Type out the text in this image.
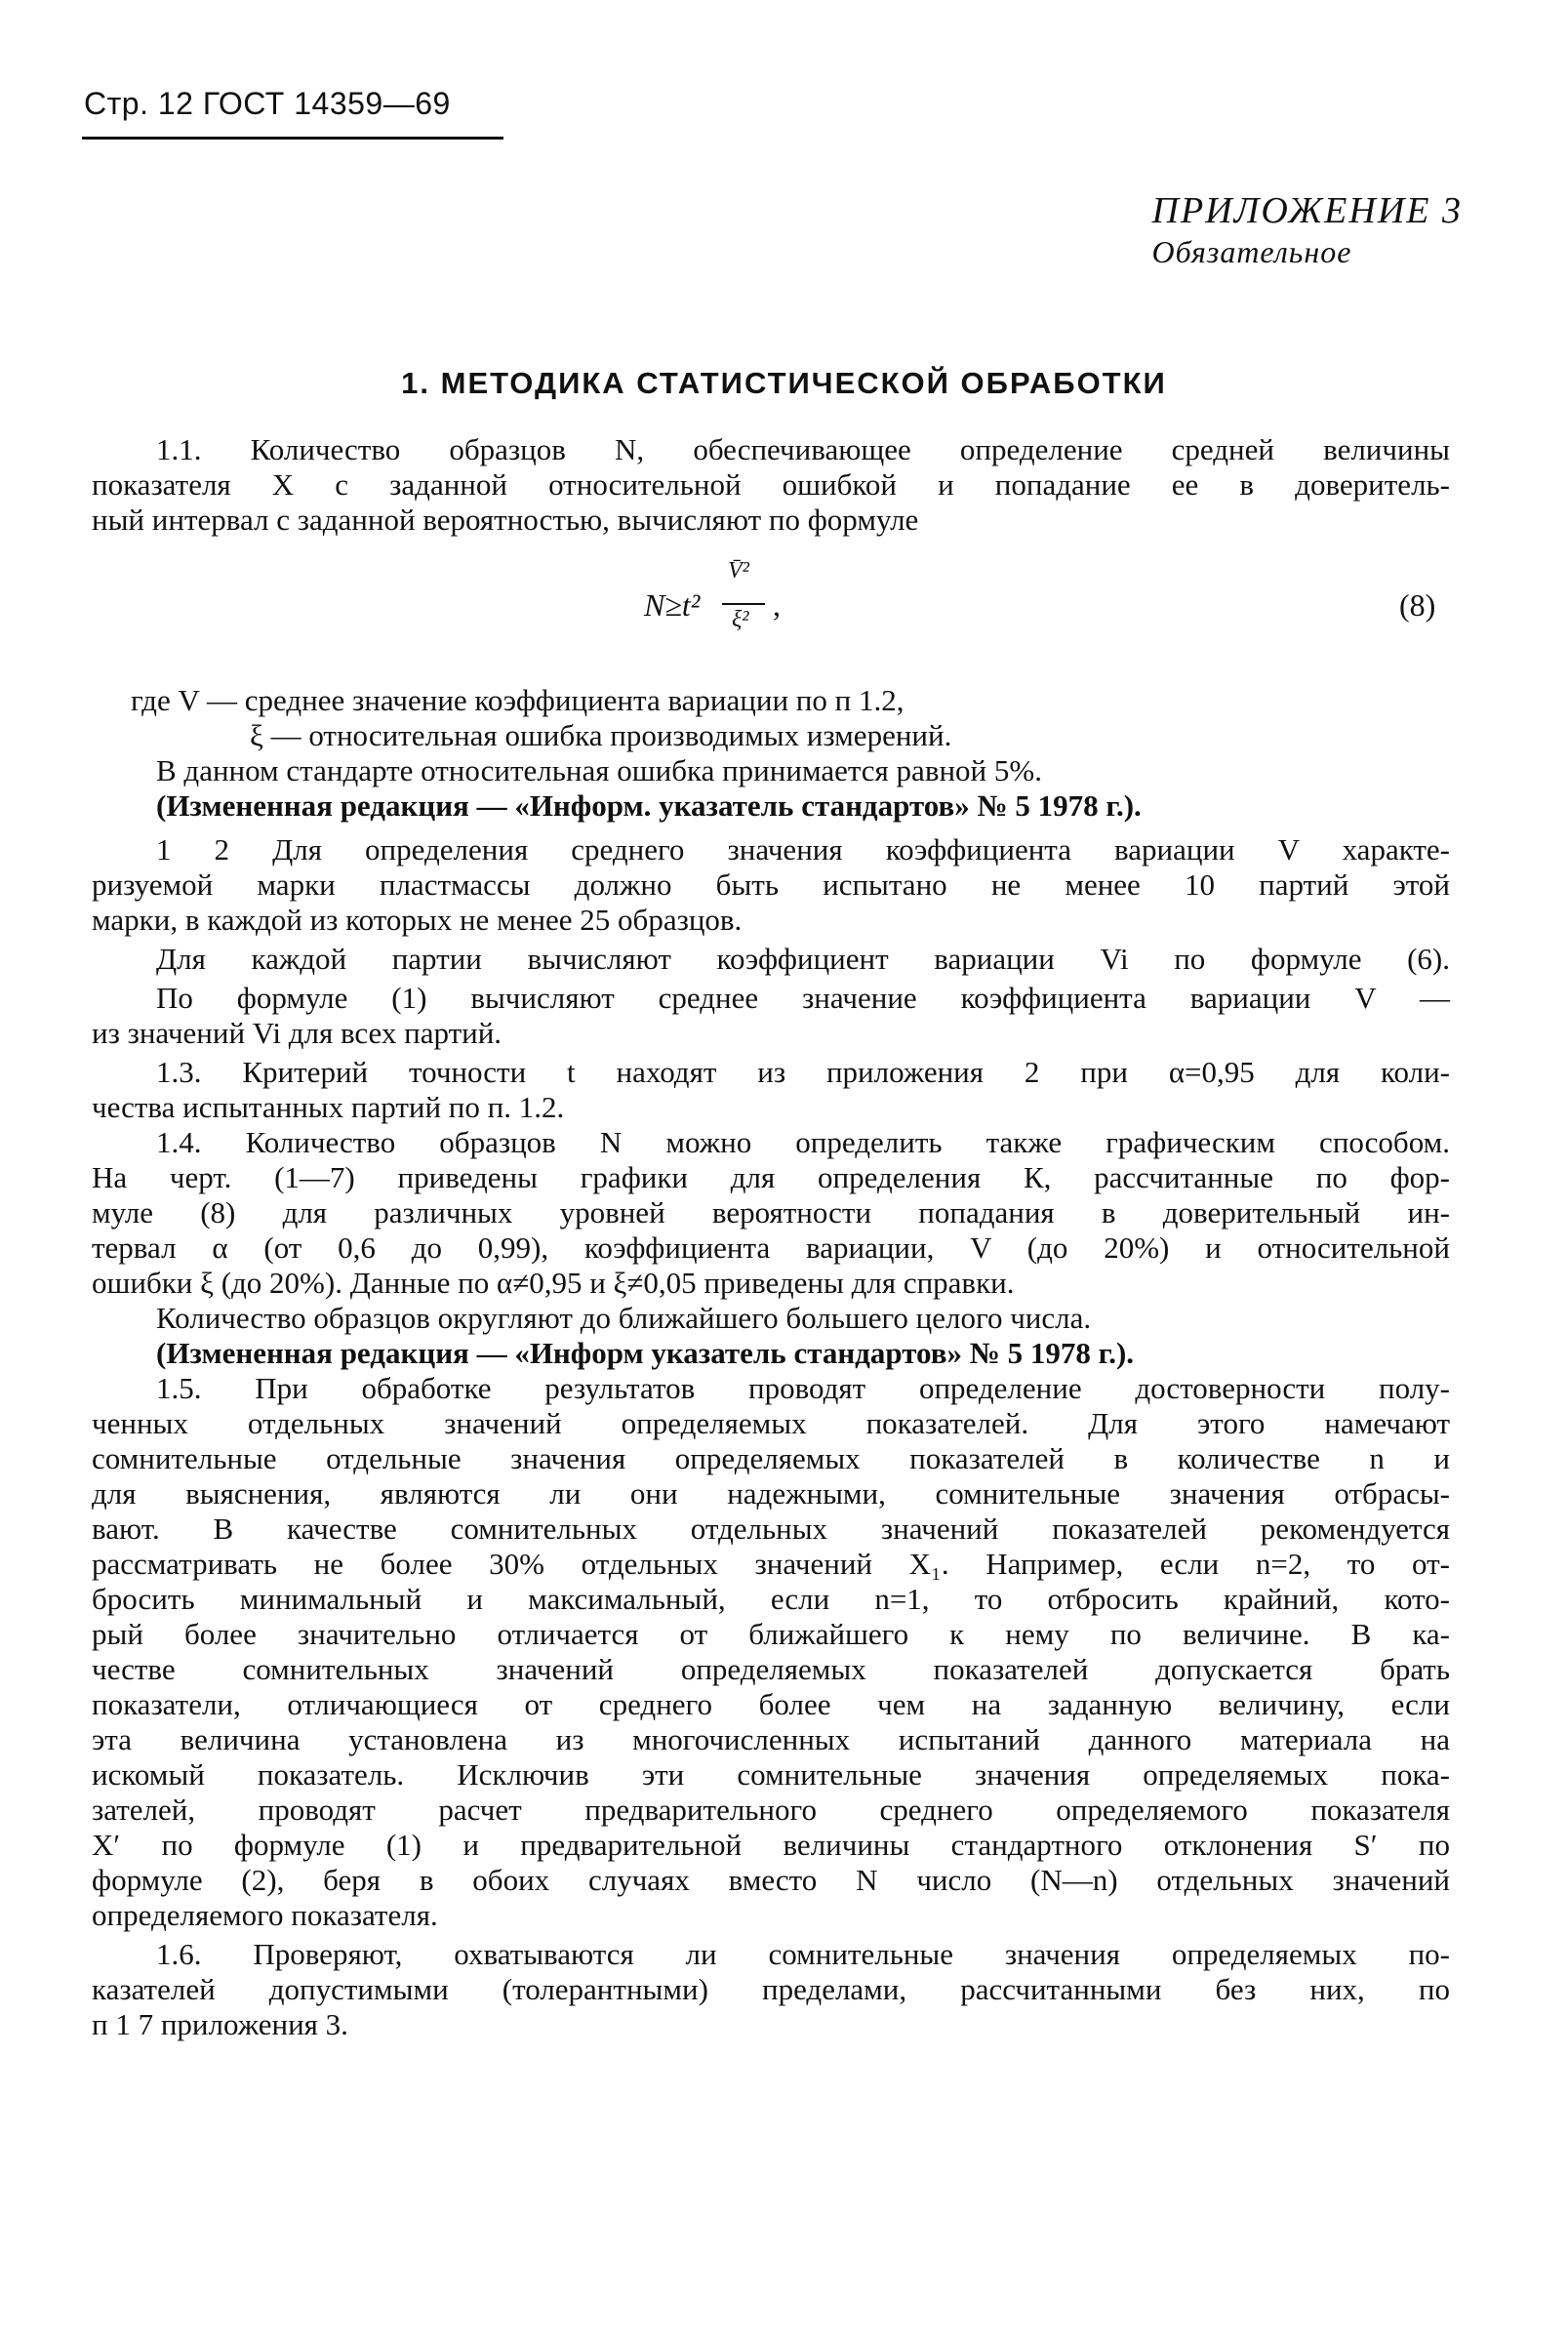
Стр. 12 ГОСТ 14359—69
ПРИЛОЖЕНИЕ 3
Обязательное
1. МЕТОДИКА СТАТИСТИЧЕСКОЙ ОБРАБОТКИ
1.1. Количество образцов N, обеспечивающее определение средней величины
показателя X с заданной относительной ошибкой и попадание ее в доверитель-
ный интервал с заданной вероятностью, вычисляют по формуле
N≥t²
V̄²
ξ² ,	(8)
где V — среднее значение коэффициента вариации по п 1.2,
ξ — относительная ошибка производимых измерений.
В данном стандарте относительная ошибка принимается равной 5%.
(Измененная редакция — «Информ. указатель стандартов» № 5 1978 г.).
1 2 Для определения среднего значения коэффициента вариации V характе-
ризуемой марки пластмассы должно быть испытано не менее 10 партий этой
марки, в каждой из которых не менее 25 образцов.
Для каждой партии вычисляют коэффициент вариации Vi по формуле (6).
По формуле (1) вычисляют среднее значение коэффициента вариации V —
из значений Vi для всех партий.
1.3. Критерий точности t находят из приложения 2 при α=0,95 для коли-
чества испытанных партий по п. 1.2.
1.4. Количество образцов N можно определить также графическим способом.
На черт. (1—7) приведены графики для определения К, рассчитанные по фор-
муле (8) для различных уровней вероятности попадания в доверительный ин-
тервал α (от 0,6 до 0,99), коэффициента вариации, V (до 20%) и относительной
ошибки ξ (до 20%). Данные по α≠0,95 и ξ≠0,05 приведены для справки.
Количество образцов округляют до ближайшего большего целого числа.
(Измененная редакция — «Информ указатель стандартов» № 5 1978 г.).
1.5. При обработке результатов проводят определение достоверности полу-
ченных отдельных значений определяемых показателей. Для этого намечают
сомнительные отдельные значения определяемых показателей в количестве n и
для выяснения, являются ли они надежными, сомнительные значения отбрасы-
вают. В качестве сомнительных отдельных значений показателей рекомендуется
рассматривать не более 30% отдельных значений X₁. Например, если n=2, то от-
бросить минимальный и максимальный, если n=1, то отбросить крайний, кото-
рый более значительно отличается от ближайшего к нему по величине. В ка-
честве сомнительных значений определяемых показателей допускается брать
показатели, отличающиеся от среднего более чем на заданную величину, если
эта величина установлена из многочисленных испытаний данного материала на
искомый показатель. Исключив эти сомнительные значения определяемых пока-
зателей, проводят расчет предварительного среднего определяемого показателя
X′ по формуле (1) и предварительной величины стандартного отклонения S′ по
формуле (2), беря в обоих случаях вместо N число (N—n) отдельных значений
определяемого показателя.
1.6. Проверяют, охватываются ли сомнительные значения определяемых по-
казателей допустимыми (толерантными) пределами, рассчитанными без них, по
п 1 7 приложения 3.
